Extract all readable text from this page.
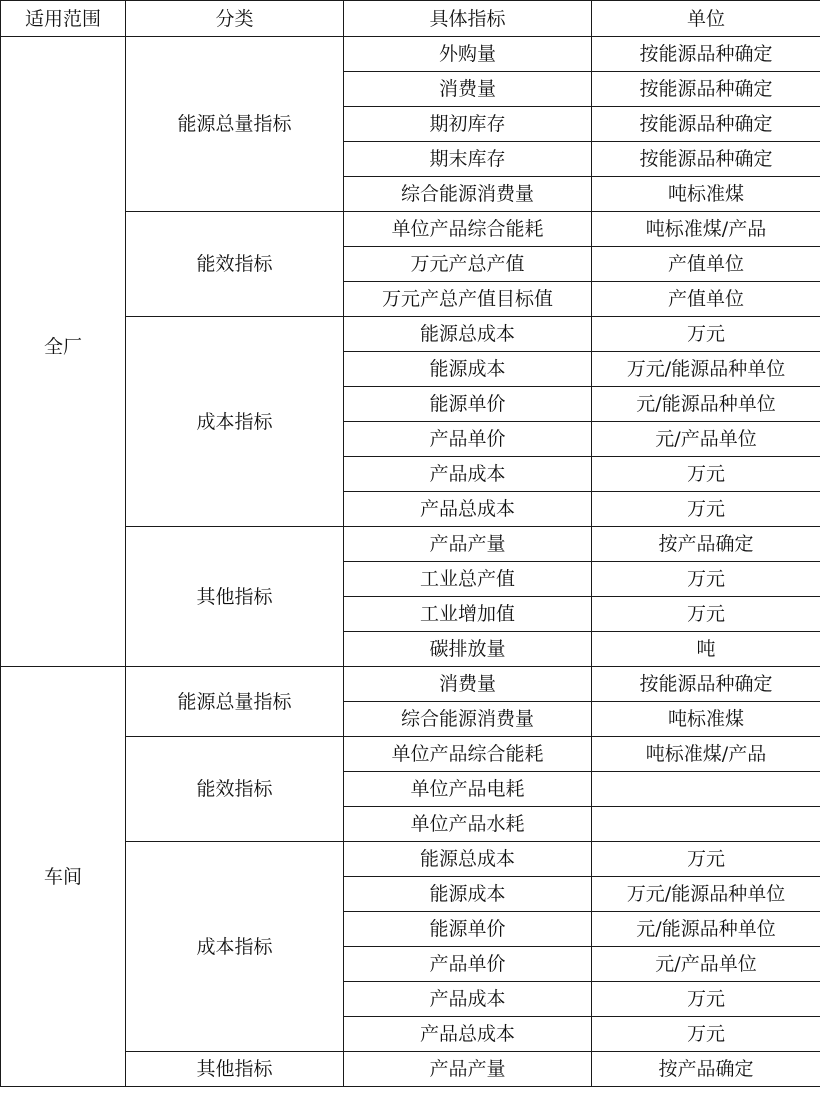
适用范围	分类	具体指标	单位
全厂	能源总量指标	外购量	按能源品种确定
		消费量	按能源品种确定
		期初库存	按能源品种确定
		期末库存	按能源品种确定
		综合能源消费量	吨标准煤
	能效指标	单位产品综合能耗	吨标准煤/产品
		万元产总产值	产值单位
		万元产总产值目标值	产值单位
	成本指标	能源总成本	万元
		能源成本	万元/能源品种单位
		能源单价	元/能源品种单位
		产品单价	元/产品单位
		产品成本	万元
		产品总成本	万元
	其他指标	产品产量	按产品确定
		工业总产值	万元
		工业增加值	万元
		碳排放量	吨
车间	能源总量指标	消费量	按能源品种确定
		综合能源消费量	吨标准煤
	能效指标	单位产品综合能耗	吨标准煤/产品
		单位产品电耗	
		单位产品水耗	
	成本指标	能源总成本	万元
		能源成本	万元/能源品种单位
		能源单价	元/能源品种单位
		产品单价	元/产品单位
		产品成本	万元
		产品总成本	万元
	其他指标	产品产量	按产品确定
